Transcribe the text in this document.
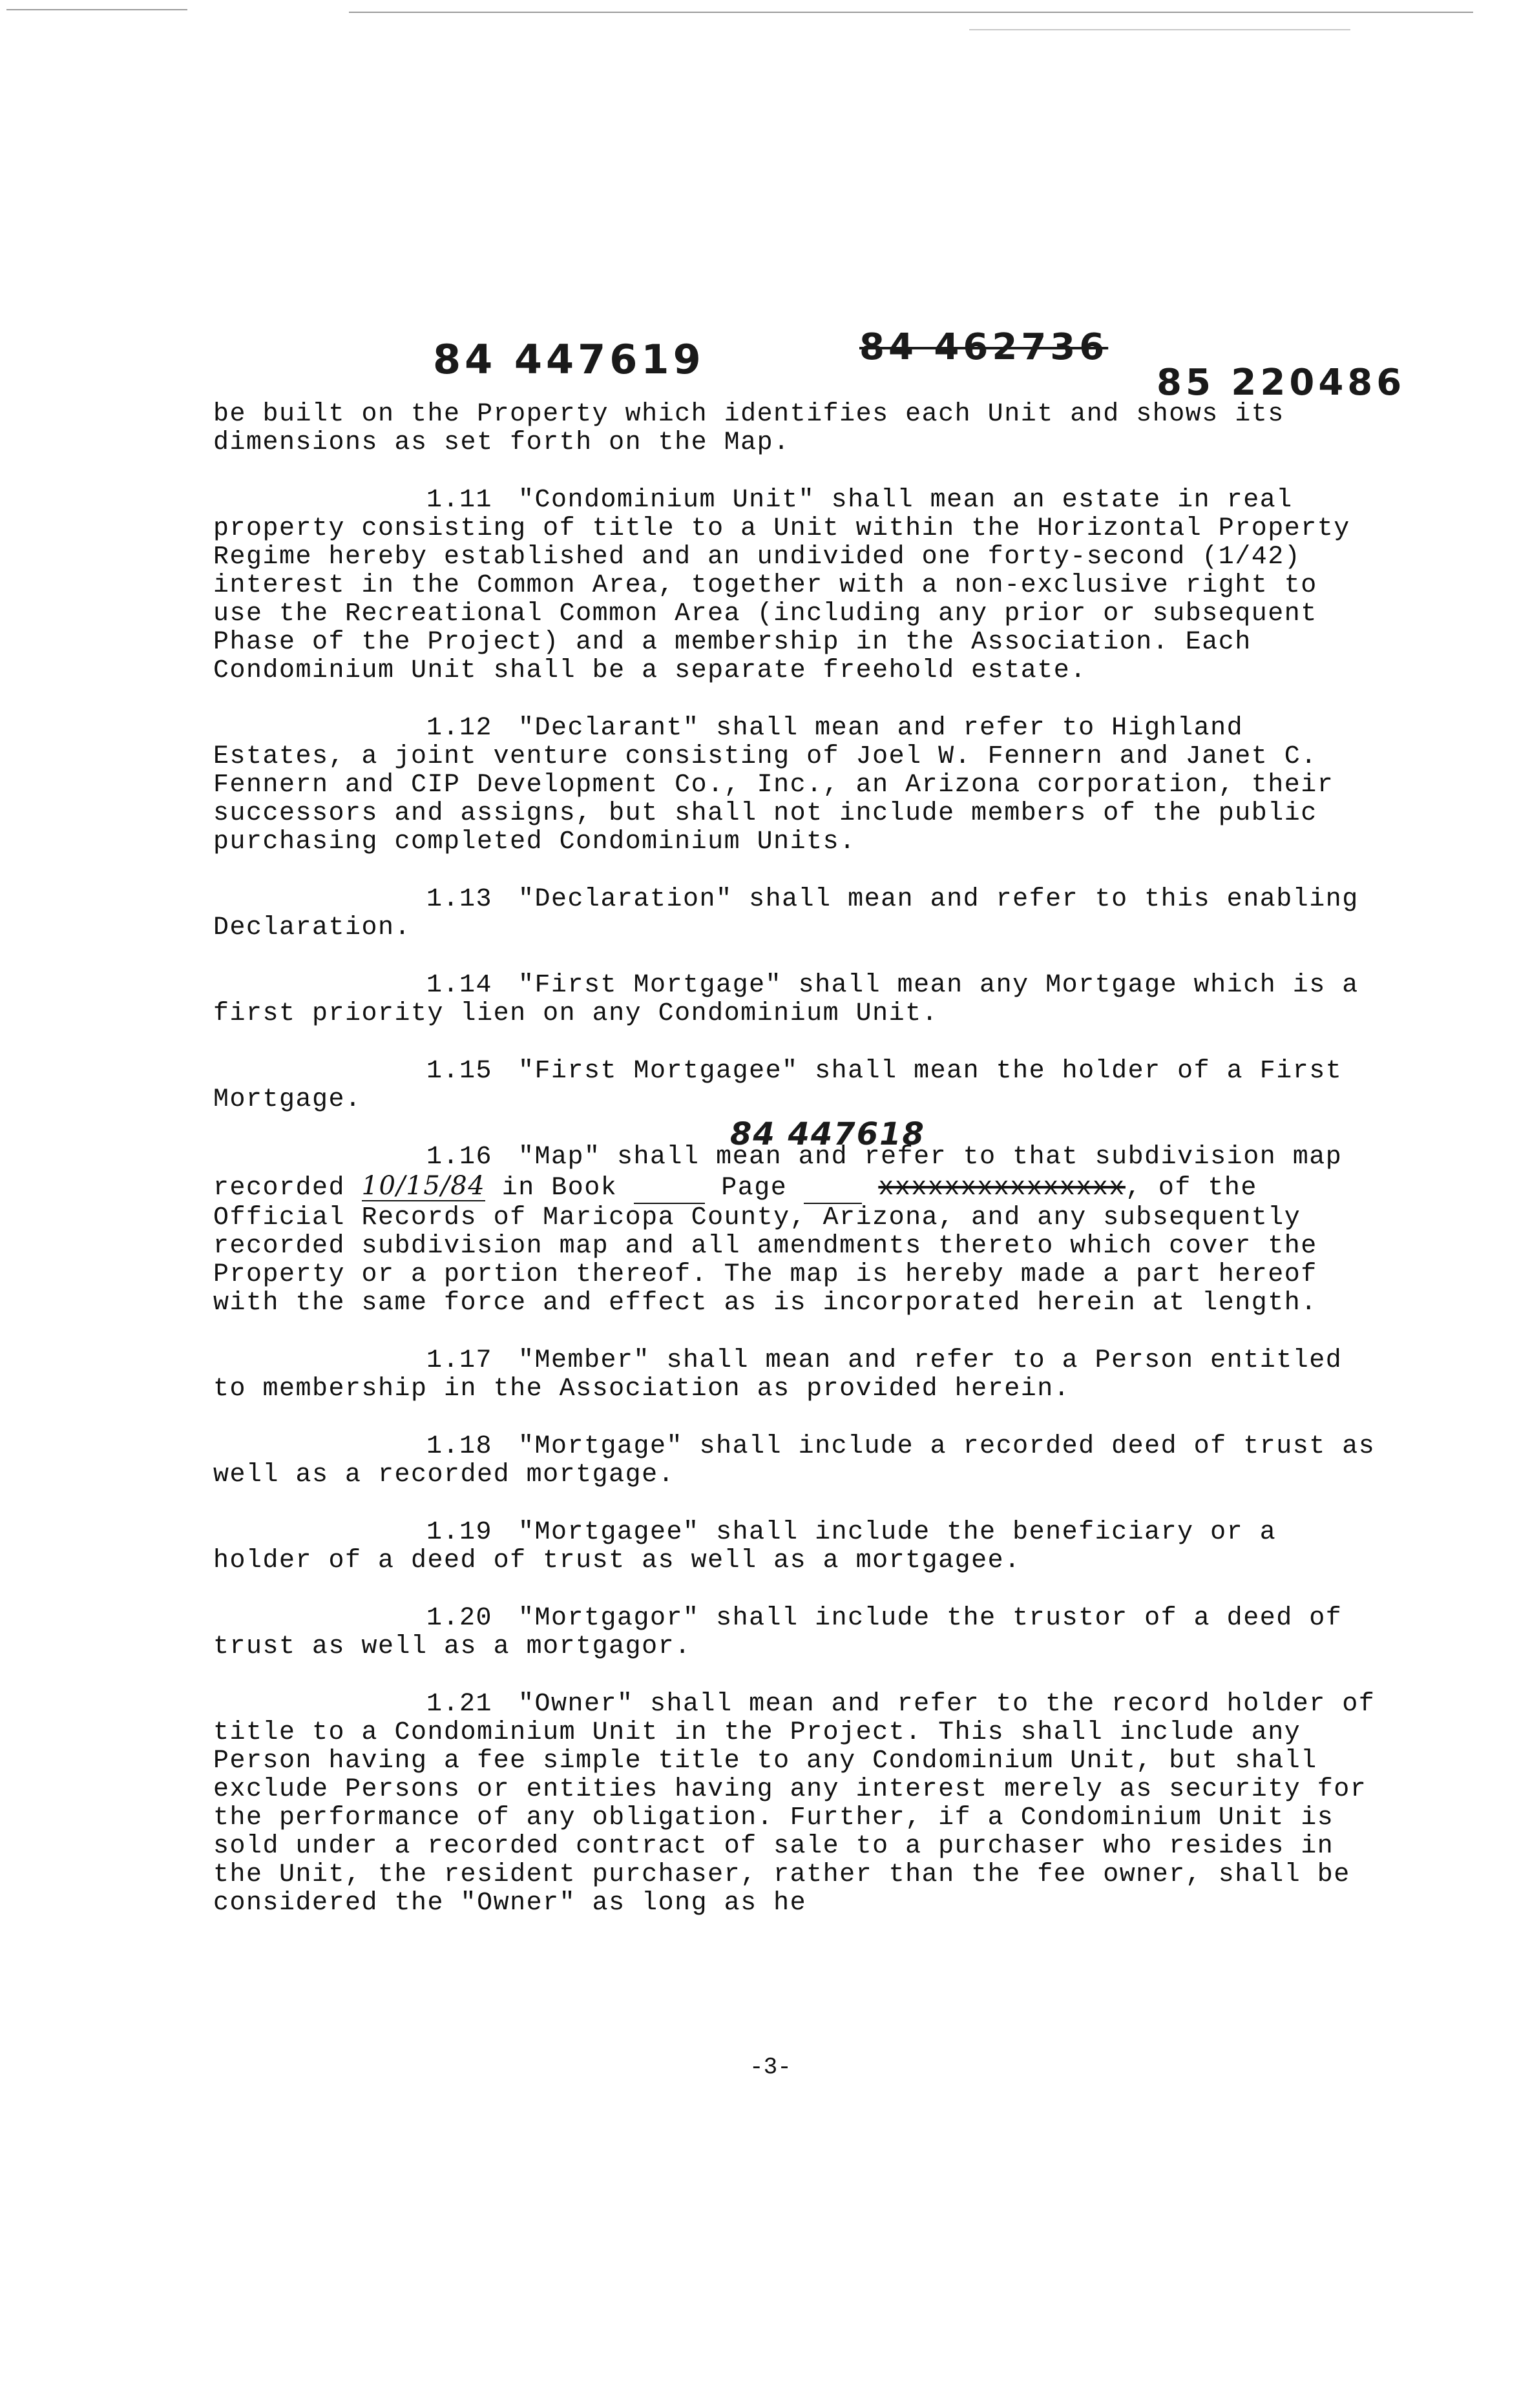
84 447619	84 462736
85 220486

be built on the Property which identifies each Unit and shows its dimensions as set forth on the Map.

1.11 "Condominium Unit" shall mean an estate in real property consisting of title to a Unit within the Horizontal Property Regime hereby established and an undivided one forty-second (1/42) interest in the Common Area, together with a non-exclusive right to use the Recreational Common Area (including any prior or subsequent Phase of the Project) and a membership in the Association. Each Condominium Unit shall be a separate freehold estate.

1.12 "Declarant" shall mean and refer to Highland Estates, a joint venture consisting of Joel W. Fennern and Janet C. Fennern and CIP Development Co., Inc., an Arizona corporation, their successors and assigns, but shall not include members of the public purchasing completed Condominium Units.

1.13 "Declaration" shall mean and refer to this enabling Declaration.

1.14 "First Mortgage" shall mean any Mortgage which is a first priority lien on any Condominium Unit.

1.15 "First Mortgagee" shall mean the holder of a First Mortgage.

84 447618
1.16 "Map" shall mean and refer to that subdivision map recorded 10/15/84 in Book	Page	xxxxxxxxxxxxxxx, of the Official Records of Maricopa County, Arizona, and any subsequently recorded subdivision map and all amendments thereto which cover the Property or a portion thereof. The map is hereby made a part hereof with the same force and effect as is incorporated herein at length.

1.17 "Member" shall mean and refer to a Person entitled to membership in the Association as provided herein.

1.18 "Mortgage" shall include a recorded deed of trust as well as a recorded mortgage.

1.19 "Mortgagee" shall include the beneficiary or a holder of a deed of trust as well as a mortgagee.

1.20 "Mortgagor" shall include the trustor of a deed of trust as well as a mortgagor.

1.21 "Owner" shall mean and refer to the record holder of title to a Condominium Unit in the Project. This shall include any Person having a fee simple title to any Condominium Unit, but shall exclude Persons or entities having any interest merely as security for the performance of any obligation. Further, if a Condominium Unit is sold under a recorded contract of sale to a purchaser who resides in the Unit, the resident purchaser, rather than the fee owner, shall be considered the "Owner" as long as he

-3-
